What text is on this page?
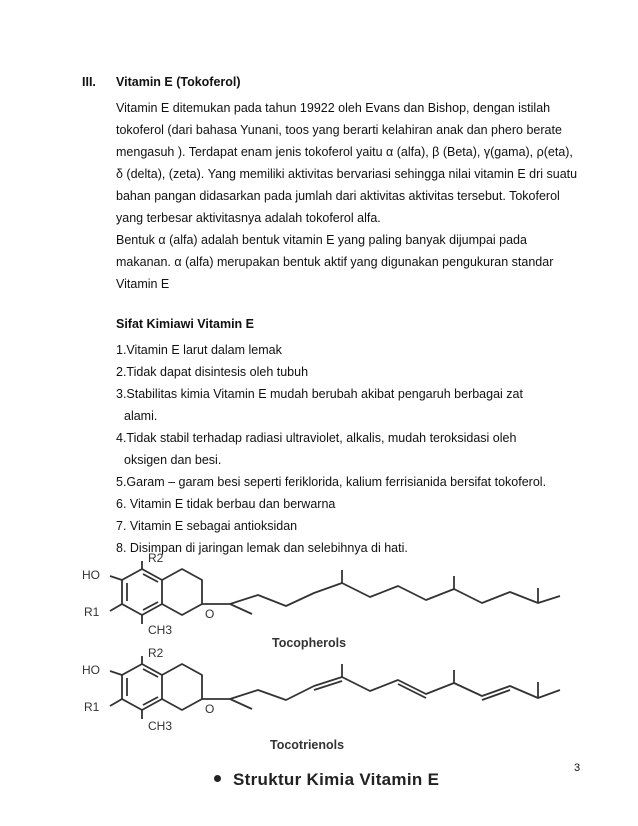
III. Vitamin E (Tokoferol)
Vitamin E ditemukan pada tahun 19922 oleh Evans dan Bishop, dengan istilah
tokoferol (dari bahasa Yunani, toos yang berarti kelahiran anak dan phero berate
mengasuh ). Terdapat enam jenis tokoferol yaitu α (alfa), β (Beta), γ(gama), ρ(eta),
δ (delta), (zeta). Yang memiliki aktivitas bervariasi sehingga nilai vitamin E dri suatu
bahan pangan didasarkan pada jumlah dari aktivitas aktivitas tersebut. Tokoferol
yang terbesar aktivitasnya adalah tokoferol alfa.
Bentuk α (alfa) adalah bentuk vitamin E yang paling banyak dijumpai pada
makanan. α (alfa) merupakan bentuk aktif yang digunakan pengukuran standar
Vitamin E
Sifat Kimiawi Vitamin E
1.Vitamin E larut dalam lemak
2.Tidak dapat disintesis oleh tubuh
3.Stabilitas kimia Vitamin E mudah berubah akibat pengaruh berbagai zat
alami.
4.Tidak stabil terhadap radiasi ultraviolet, alkalis, mudah teroksidasi oleh
oksigen dan besi.
5.Garam – garam besi seperti feriklorida, kalium ferrisianida bersifat tokoferol.
6. Vitamin E tidak berbau dan berwarna
7. Vitamin E sebagai antioksidan
8. Disimpan di jaringan lemak dan selebihnya di hati.
R2
HO
R1
CH3
O
Tocopherols
R2
HO
R1
CH3
O
Tocotrienols
3
Struktur Kimia Vitamin E
